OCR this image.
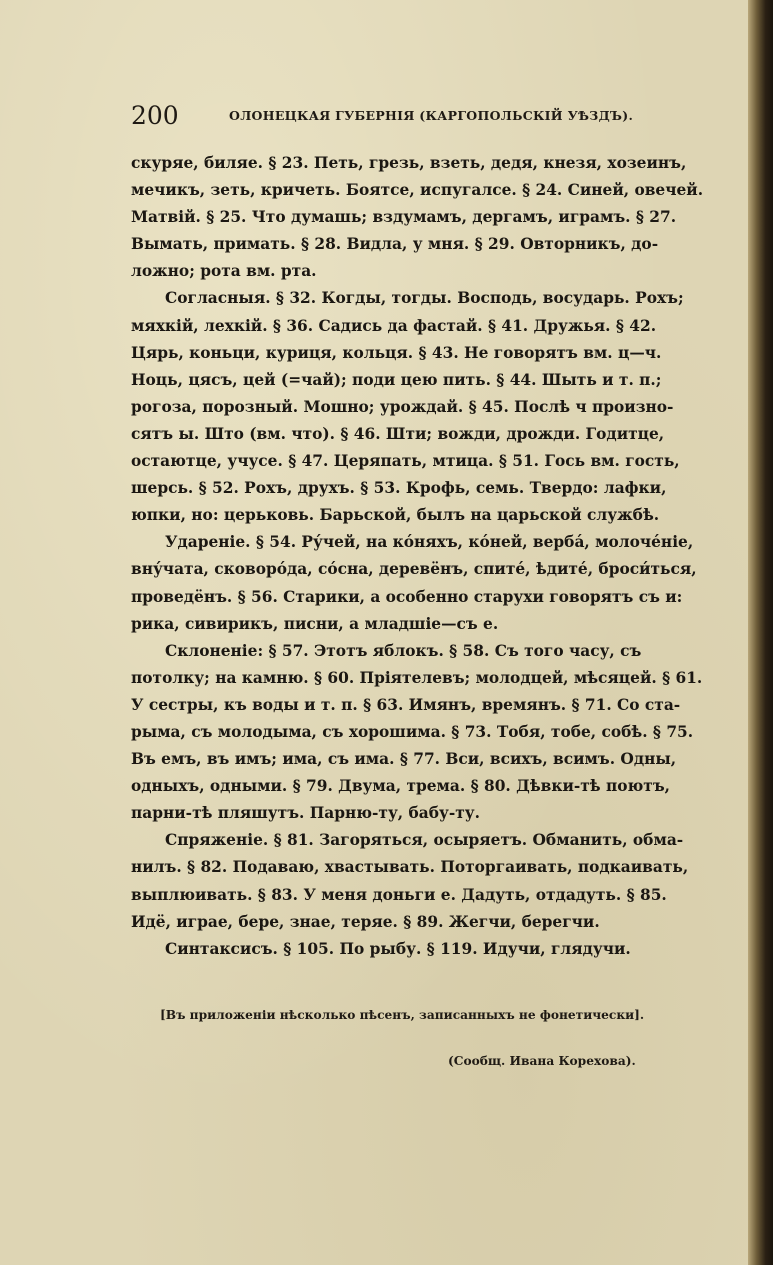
200	ОЛОНЕЦКАЯ ГУБЕРНІЯ (КАРГОПОЛЬСКІЙ УѢЗДЪ).
скуряе, биляе. § 23. Петь, грезь, взеть, дедя, кнезя, хозеинъ,
мечикъ, зеть, кричеть. Боятсе, испугалсе. § 24. Синей, овечей.
Матвій. § 25. Что думашь; вздумамъ, дергамъ, играмъ. § 27.
Вымать, примать. § 28. Видла, у мня. § 29. Овторникъ, до-
ложно; рота вм. рта.
Согласныя. § 32. Когды, тогды. Восподь, восударь. Рохъ;
мяхкій, лехкій. § 36. Садись да фастай. § 41. Дружья. § 42.
Цярь, коньци, куриця, кольця. § 43. Не говорятъ вм. ц—ч.
Ноць, цясъ, цей (=чай); поди цею пить. § 44. Шыть и т. п.;
рогоза, порозный. Мошно; урождай. § 45. Послѣ ч произно-
сятъ ы. Што (вм. что). § 46. Шти; вожди, дрожди. Годитце,
остаютце, учусе. § 47. Церяпать, мтица. § 51. Гось вм. гость,
шерсь. § 52. Рохъ, друхъ. § 53. Крофь, семь. Твердо: лафки,
юпки, но: церьковь. Барьской, былъ на царьской службѣ.
Удареніе. § 54. Ру́чей, на ко́няхъ, ко́ней, верба́, молоче́ніе,
вну́чата, сковоро́да, со́сна, деревёнъ, спитé, ѣдитé, броси́ться,
проведёнъ. § 56. Старики, а особенно старухи говорятъ съ и:
рика, сивирикъ, писни, а младшіе—съ е.
Склоненіе: § 57. Этотъ яблокъ. § 58. Съ того часу, съ
потолку; на камню. § 60. Пріятелевъ; молодцей, мѣсяцей. § 61.
У сестры, къ воды и т. п. § 63. Имянъ, времянъ. § 71. Со ста-
рыма, съ молодыма, съ хорошима. § 73. Тобя, тобе, собѣ. § 75.
Въ емъ, въ имъ; има, съ има. § 77. Вси, всихъ, всимъ. Одны,
одныхъ, одными. § 79. Двума, трема. § 80. Дѣвки-тѣ поютъ,
парни-тѣ пляшутъ. Парню-ту, бабу-ту.
Спряженіе. § 81. Загоряться, осыряетъ. Обманить, обма-
нилъ. § 82. Подаваю, хвастывать. Поторгаивать, подкаивать,
выплюивать. § 83. У меня доньги е. Дадуть, отдадуть. § 85.
Идё, играе, бере, знае, теряе. § 89. Жегчи, берегчи.
Синтаксисъ. § 105. По рыбу. § 119. Идучи, глядучи.
[Въ приложеніи нѣсколько пѣсенъ, записанныхъ не фонетически].
(Сообщ. Ивана Корехова).
